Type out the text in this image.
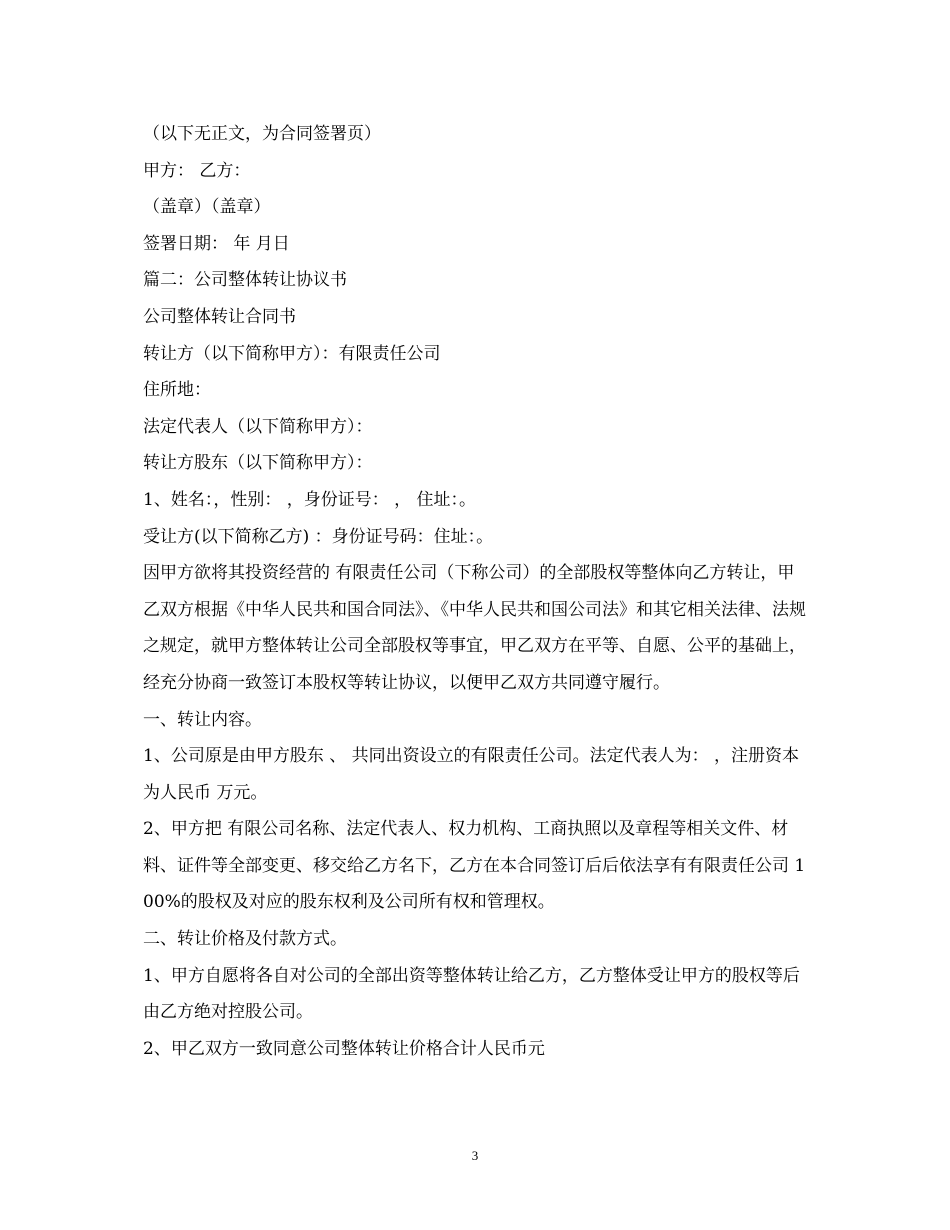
（以下无正文，为合同签署页）

甲方： 乙方：

（盖章）（盖章）

签署日期： 年 月日

篇二：公司整体转让协议书

公司整体转让合同书

转让方（以下简称甲方）：有限责任公司

住所地：

法定代表人（以下简称甲方）：

转让方股东（以下简称甲方）：

1、姓名：，性别： ，身份证号： ， 住址：。

受让方(以下简称乙方) ：身份证号码：住址：。

因甲方欲将其投资经营的 有限责任公司（下称公司）的全部股权等整体向乙方转让，甲乙双方根据《中华人民共和国合同法》、《中华人民共和国公司法》和其它相关法律、法规之规定，就甲方整体转让公司全部股权等事宜，甲乙双方在平等、自愿、公平的基础上，经充分协商一致签订本股权等转让协议，以便甲乙双方共同遵守履行。

一、转让内容。

1、公司原是由甲方股东 、 共同出资设立的有限责任公司。法定代表人为： ，注册资本为人民币 万元。

2、甲方把 有限公司名称、法定代表人、权力机构、工商执照以及章程等相关文件、材料、证件等全部变更、移交给乙方名下，乙方在本合同签订后后依法享有有限责任公司 100%的股权及对应的股东权利及公司所有权和管理权。

二、转让价格及付款方式。

1、甲方自愿将各自对公司的全部出资等整体转让给乙方，乙方整体受让甲方的股权等后由乙方绝对控股公司。

2、甲乙双方一致同意公司整体转让价格合计人民币元

3
